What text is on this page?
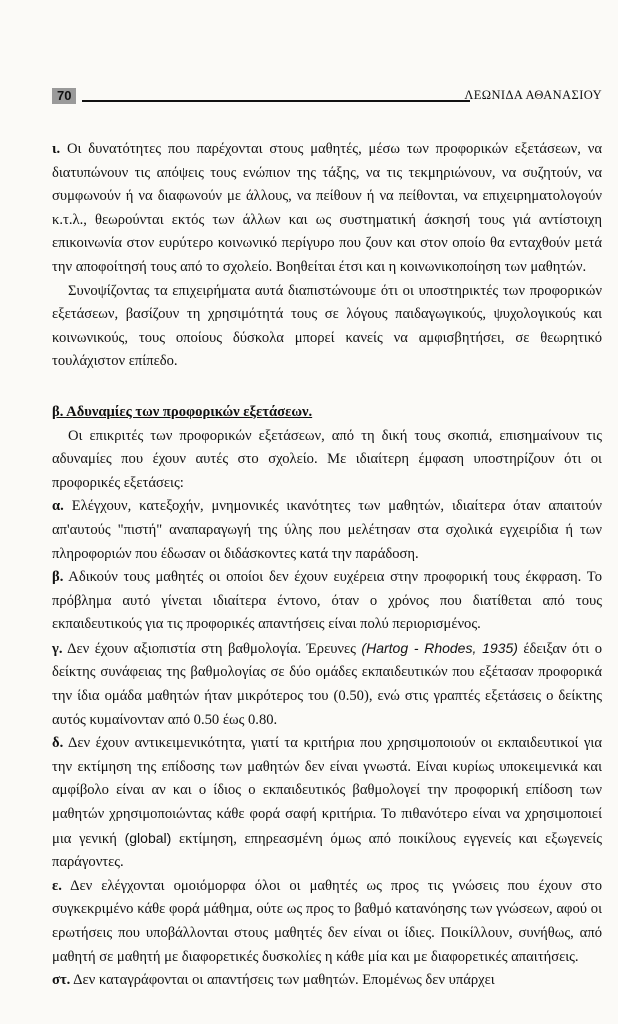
70	ΛΕΩΝΙΔΑ ΑΘΑΝΑΣΙΟΥ

ι. Οι δυνατότητες που παρέχονται στους μαθητές, μέσω των προφορικών εξετάσεων, να διατυπώνουν τις απόψεις τους ενώπιον της τάξης, να τις τεκμηριώνουν, να συζητούν, να συμφωνούν ή να διαφωνούν με άλλους, να πείθουν ή να πείθονται, να επιχειρηματολογούν κ.τ.λ., θεωρούνται εκτός των άλλων και ως συστηματική άσκησή τους γιά αντίστοιχη επικοινωνία στον ευρύτερο κοινωνικό περίγυρο που ζουν και στον οποίο θα ενταχθούν μετά την αποφοίτησή τους από το σχολείο. Βοηθείται έτσι και η κοινωνικοποίηση των μαθητών.

Συνοψίζοντας τα επιχειρήματα αυτά διαπιστώνουμε ότι οι υποστηρικτές των προφορικών εξετάσεων, βασίζουν τη χρησιμότητά τους σε λόγους παιδαγωγικούς, ψυχολογικούς και κοινωνικούς, τους οποίους δύσκολα μπορεί κανείς να αμφισβητήσει, σε θεωρητικό τουλάχιστον επίπεδο.

β. Αδυναμίες των προφορικών εξετάσεων.

Οι επικριτές των προφορικών εξετάσεων, από τη δική τους σκοπιά, επισημαίνουν τις αδυναμίες που έχουν αυτές στο σχολείο. Με ιδιαίτερη έμφαση υποστηρίζουν ότι οι προφορικές εξετάσεις:

α. Ελέγχουν, κατεξοχήν, μνημονικές ικανότητες των μαθητών, ιδιαίτερα όταν απαιτούν απ'αυτούς "πιστή" αναπαραγωγή της ύλης που μελέτησαν στα σχολικά εγχειρίδια ή των πληροφοριών που έδωσαν οι διδάσκοντες κατά την παράδοση.

β. Αδικούν τους μαθητές οι οποίοι δεν έχουν ευχέρεια στην προφορική τους έκφραση. Το πρόβλημα αυτό γίνεται ιδιαίτερα έντονο, όταν ο χρόνος που διατίθεται από τους εκπαιδευτικούς για τις προφορικές απαντήσεις είναι πολύ περιορισμένος.

γ. Δεν έχουν αξιοπιστία στη βαθμολογία. Έρευνες (Hartog - Rhodes, 1935) έδειξαν ότι ο δείκτης συνάφειας της βαθμολογίας σε δύο ομάδες εκπαιδευτικών που εξέτασαν προφορικά την ίδια ομάδα μαθητών ήταν μικρότερος του (0.50), ενώ στις γραπτές εξετάσεις ο δείκτης αυτός κυμαίνονταν από 0.50 έως 0.80.

δ. Δεν έχουν αντικειμενικότητα, γιατί τα κριτήρια που χρησιμοποιούν οι εκπαιδευτικοί για την εκτίμηση της επίδοσης των μαθητών δεν είναι γνωστά. Είναι κυρίως υποκειμενικά και αμφίβολο είναι αν και ο ίδιος ο εκπαιδευτικός βαθμολογεί την προφορική επίδοση των μαθητών χρησιμοποιώντας κάθε φορά σαφή κριτήρια. Το πιθανότερο είναι να χρησιμοποιεί μια γενική (global) εκτίμηση, επηρεασμένη όμως από ποικίλους εγγενείς και εξωγενείς παράγοντες.

ε. Δεν ελέγχονται ομοιόμορφα όλοι οι μαθητές ως προς τις γνώσεις που έχουν στο συγκεκριμένο κάθε φορά μάθημα, ούτε ως προς το βαθμό κατανόησης των γνώσεων, αφού οι ερωτήσεις που υποβάλλονται στους μαθητές δεν είναι οι ίδιες. Ποικίλλουν, συνήθως, από μαθητή σε μαθητή με διαφορετικές δυσκολίες η κάθε μία και με διαφορετικές απαιτήσεις.

στ. Δεν καταγράφονται οι απαντήσεις των μαθητών. Επομένως δεν υπάρχει
